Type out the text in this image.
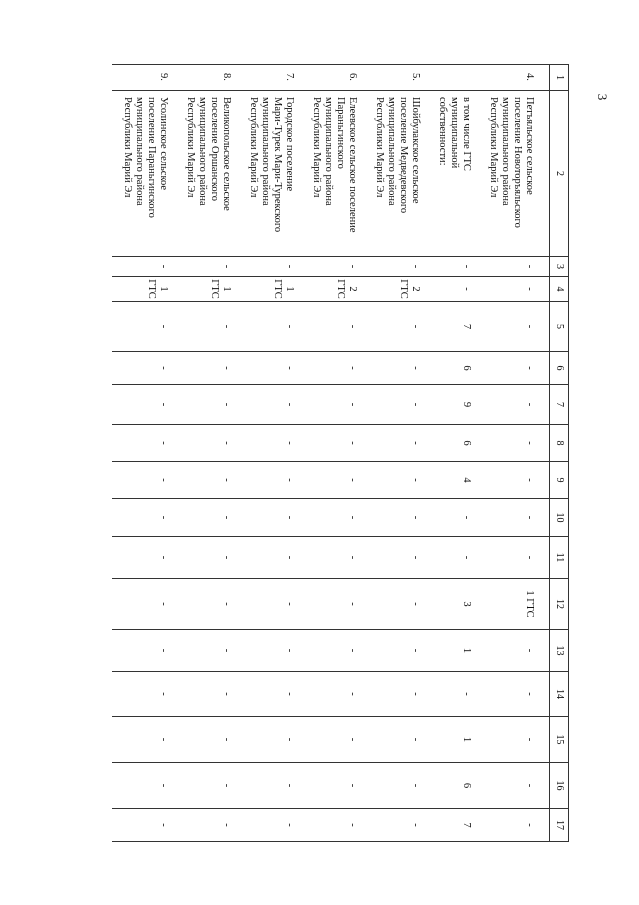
3
1	2	3	4	5	6	7	8	9	10	11	12	13	14	15	16	17
4.	Петъяльское сельское
поселение Новоторъяльского
муниципального района
Республики Марий Эл	-	-	-	-	-	-	-	-	-	1 ГТС	-	-	-	-	-

	в том числе ГТС
муниципальной
собственности:	-	-	7	6	9	6	4	-	-	3	1	-	1	6	7

5.	Шойбулакское сельское
поселение Медведевского
муниципального района
Республики Марий Эл	-	2 ГТС	-	-	-	-	-	-	-	-	-	-	-	-	-

6.	Елеевское сельское поселение
Параньгинского
муниципального района
Республики Марий Эл	-	2 ГТС	-	-	-	-	-	-	-	-	-	-	-	-	-

7.	Городское поселение
Мари-Турек Мари-Турекского
муниципального района
Республики Марий Эл	-	1 ГТС	-	-	-	-	-	-	-	-	-	-	-	-	-

8.	Великопольское сельское
поселение Оршанского
муниципального района
Республики Марий Эл	-	1 ГТС	-	-	-	-	-	-	-	-	-	-	-	-	-

9.	Усолинское сельское
поселение Параньгинского
муниципального района
Республики Марий Эл	-	1 ГТС	-	-	-	-	-	-	-	-	-	-	-	-	-
